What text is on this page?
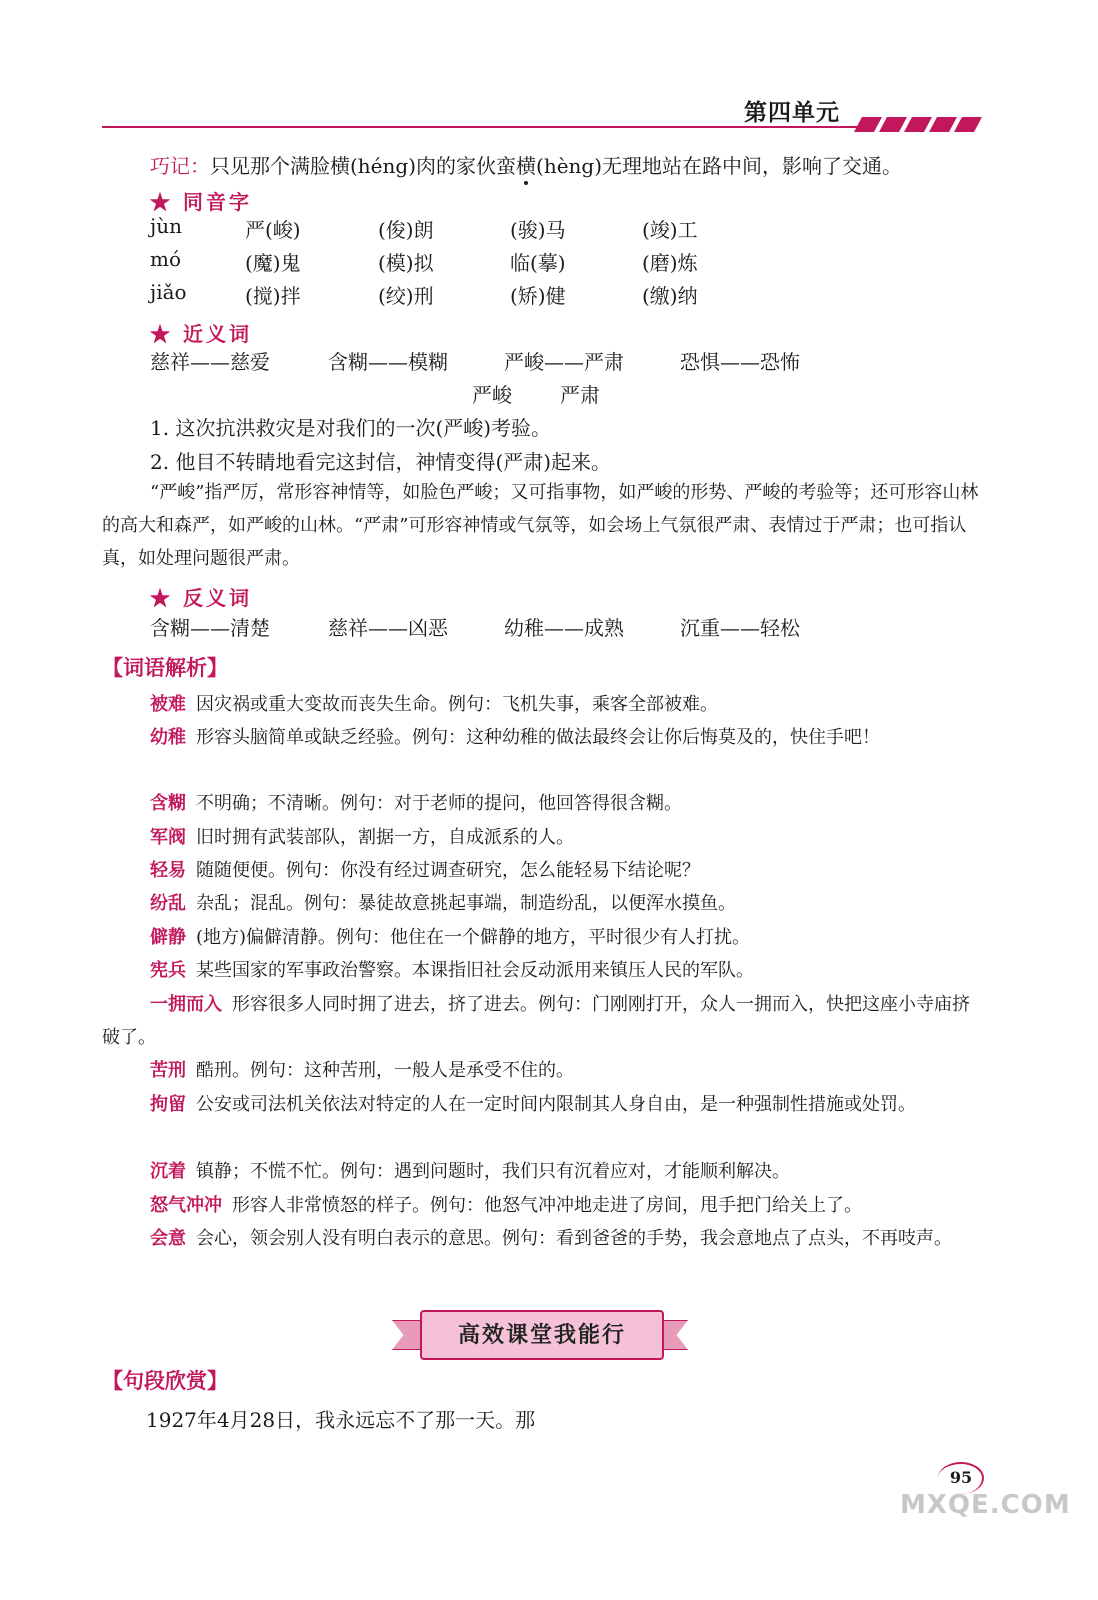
第四单元
巧记：只见那个满脸横(héng)肉的家伙蛮横(hèng)无理地站在路中间，影响了交通。
★ 同音字
jùn	严(峻)	(俊)朗	(骏)马	(竣)工
mó	(魔)鬼	(模)拟	临(摹)	(磨)炼
jiǎo	(搅)拌	(绞)刑	(矫)健	(缴)纳
★ 近义词
慈祥——慈爱	含糊——模糊	严峻——严肃	恐惧——恐怖
严峻 严肃
1. 这次抗洪救灾是对我们的一次(严峻)考验。
2. 他目不转睛地看完这封信，神情变得(严肃)起来。
“严峻”指严厉，常形容神情等，如脸色严峻；又可指事物，如严峻的形势、严峻的考验等；还可形容山林的高大和森严，如严峻的山林。“严肃”可形容神情或气氛等，如会场上气氛很严肃、表情过于严肃；也可指认真，如处理问题很严肃。
★ 反义词
含糊——清楚	慈祥——凶恶	幼稚——成熟	沉重——轻松
【词语解析】
被难 因灾祸或重大变故而丧失生命。例句：飞机失事，乘客全部被难。
幼稚 形容头脑简单或缺乏经验。例句：这种幼稚的做法最终会让你后悔莫及的，快住手吧！
含糊 不明确；不清晰。例句：对于老师的提问，他回答得很含糊。
军阀 旧时拥有武装部队，割据一方，自成派系的人。
轻易 随随便便。例句：你没有经过调查研究，怎么能轻易下结论呢？
纷乱 杂乱；混乱。例句：暴徒故意挑起事端，制造纷乱，以便浑水摸鱼。
僻静 (地方)偏僻清静。例句：他住在一个僻静的地方，平时很少有人打扰。
宪兵 某些国家的军事政治警察。本课指旧社会反动派用来镇压人民的军队。
一拥而入 形容很多人同时拥了进去，挤了进去。例句：门刚刚打开，众人一拥而入，快把这座小寺庙挤破了。
苦刑 酷刑。例句：这种苦刑，一般人是承受不住的。
拘留 公安或司法机关依法对特定的人在一定时间内限制其人身自由，是一种强制性措施或处罚。
沉着 镇静；不慌不忙。例句：遇到问题时，我们只有沉着应对，才能顺利解决。
怒气冲冲 形容人非常愤怒的样子。例句：他怒气冲冲地走进了房间，甩手把门给关上了。
会意 会心，领会别人没有明白表示的意思。例句：看到爸爸的手势，我会意地点了点头，不再吱声。
高效课堂我能行
【句段欣赏】
1927年4月28日，我永远忘不了那一天。那
95
MXQE.COM
